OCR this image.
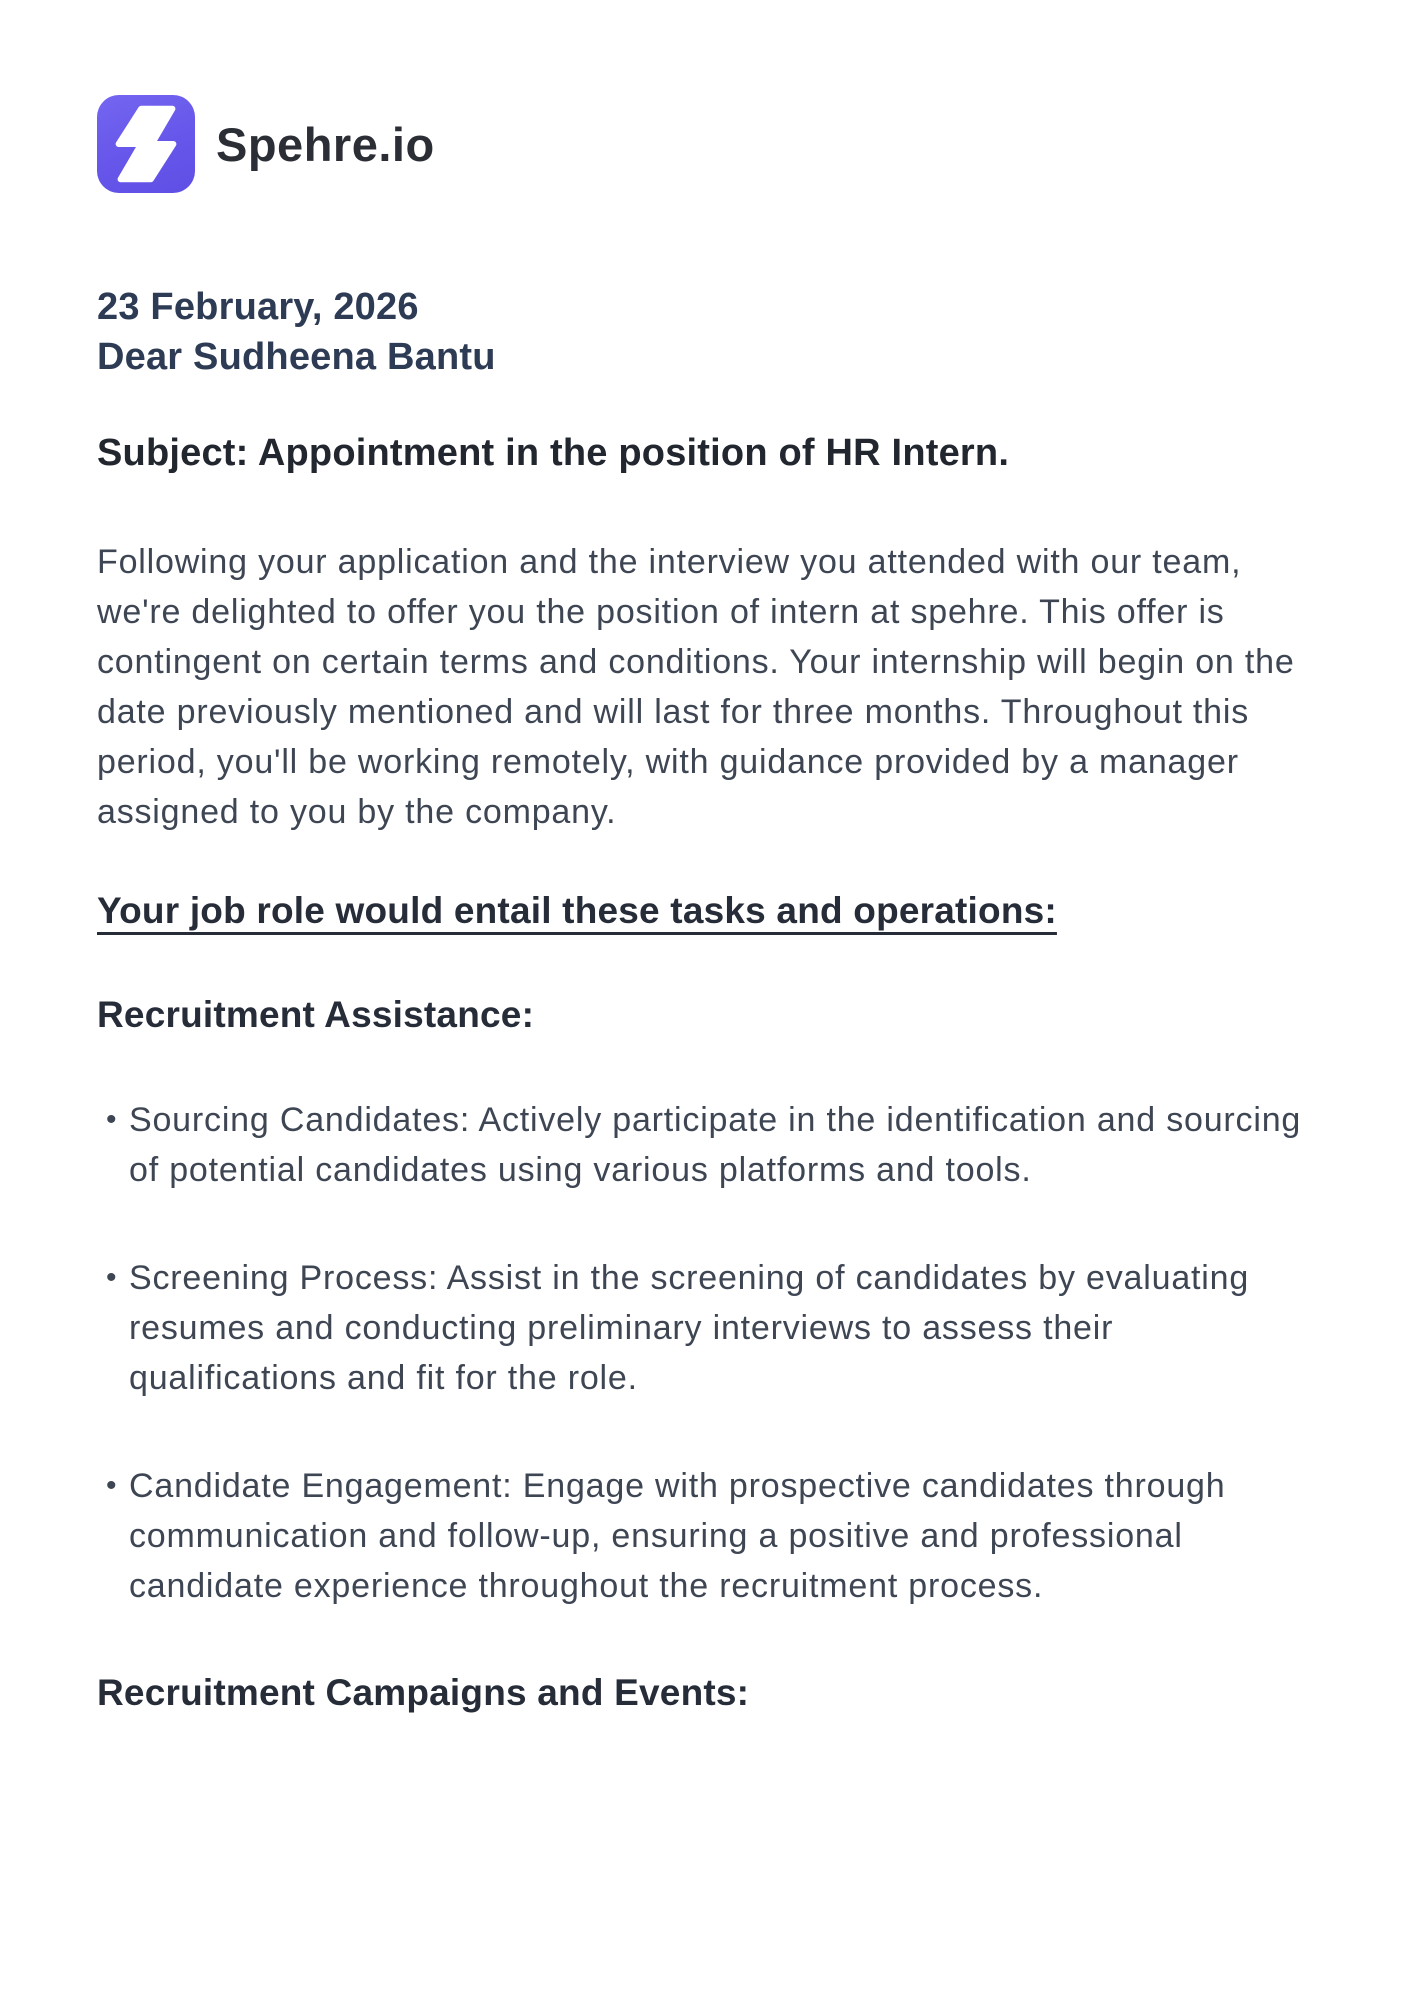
Spehre.io
23 February, 2026
Dear Sudheena Bantu
Subject: Appointment in the position of HR Intern.

Following your application and the interview you attended with our team, we're delighted to offer you the position of intern at spehre. This offer is contingent on certain terms and conditions. Your internship will begin on the date previously mentioned and will last for three months. Throughout this period, you'll be working remotely, with guidance provided by a manager assigned to you by the company.

Your job role would entail these tasks and operations:
Recruitment Assistance:
• Sourcing Candidates: Actively participate in the identification and sourcing of potential candidates using various platforms and tools.
• Screening Process: Assist in the screening of candidates by evaluating resumes and conducting preliminary interviews to assess their qualifications and fit for the role.
• Candidate Engagement: Engage with prospective candidates through communication and follow-up, ensuring a positive and professional candidate experience throughout the recruitment process.
Recruitment Campaigns and Events:
